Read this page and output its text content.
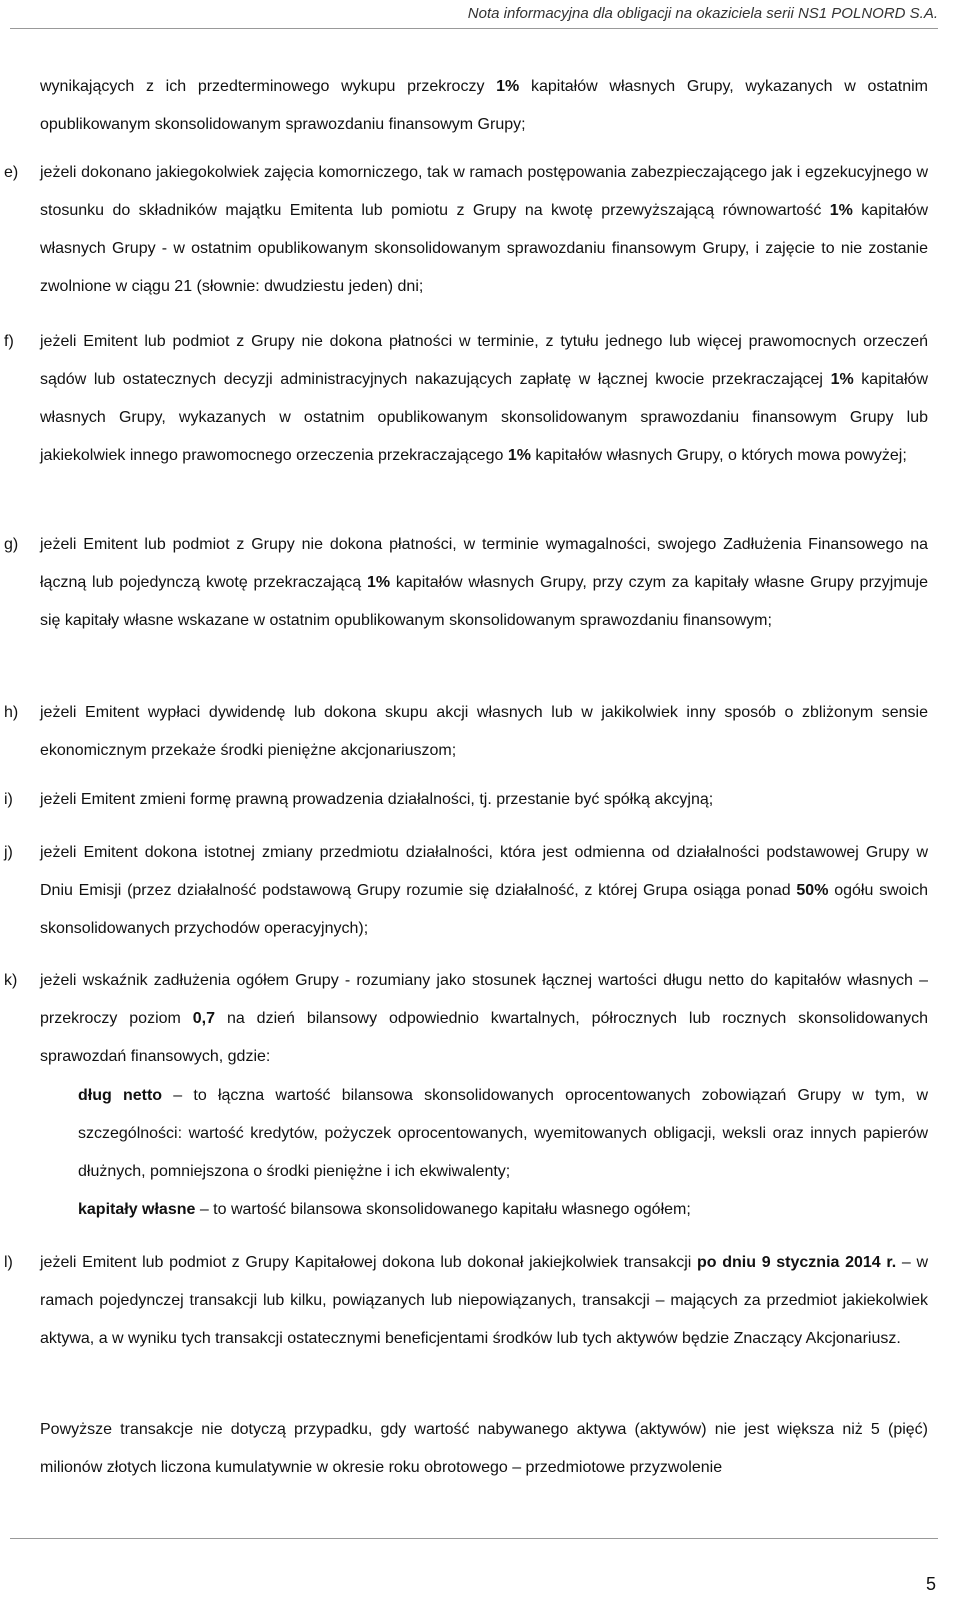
Nota informacyjna dla obligacji na okaziciela serii NS1 POLNORD S.A.
wynikających z ich przedterminowego wykupu przekroczy 1% kapitałów własnych Grupy, wykazanych w ostatnim opublikowanym skonsolidowanym sprawozdaniu finansowym Grupy;
e) jeżeli dokonano jakiegokolwiek zajęcia komorniczego, tak w ramach postępowania zabezpieczającego jak i egzekucyjnego w stosunku do składników majątku Emitenta lub pomiotu z Grupy na kwotę przewyższającą równowartość 1% kapitałów własnych Grupy - w ostatnim opublikowanym skonsolidowanym sprawozdaniu finansowym Grupy, i zajęcie to nie zostanie zwolnione w ciągu 21 (słownie: dwudziestu jeden) dni;
f) jeżeli Emitent lub podmiot z Grupy nie dokona płatności w terminie, z tytułu jednego lub więcej prawomocnych orzeczeń sądów lub ostatecznych decyzji administracyjnych nakazujących zapłatę w łącznej kwocie przekraczającej 1% kapitałów własnych Grupy, wykazanych w ostatnim opublikowanym skonsolidowanym sprawozdaniu finansowym Grupy lub jakiekolwiek innego prawomocnego orzeczenia przekraczającego 1% kapitałów własnych Grupy, o których mowa powyżej;
g) jeżeli Emitent lub podmiot z Grupy nie dokona płatności, w terminie wymagalności, swojego Zadłużenia Finansowego na łączną lub pojedynczą kwotę przekraczającą 1% kapitałów własnych Grupy, przy czym za kapitały własne Grupy przyjmuje się kapitały własne wskazane w ostatnim opublikowanym skonsolidowanym sprawozdaniu finansowym;
h) jeżeli Emitent wypłaci dywidendę lub dokona skupu akcji własnych lub w jakikolwiek inny sposób o zbliżonym sensie ekonomicznym przekaże środki pieniężne akcjonariuszom;
i) jeżeli Emitent zmieni formę prawną prowadzenia działalności, tj. przestanie być spółką akcyjną;
j) jeżeli Emitent dokona istotnej zmiany przedmiotu działalności, która jest odmienna od działalności podstawowej Grupy w Dniu Emisji (przez działalność podstawową Grupy rozumie się działalność, z której Grupa osiąga ponad 50% ogółu swoich skonsolidowanych przychodów operacyjnych);
k) jeżeli wskaźnik zadłużenia ogółem Grupy - rozumiany jako stosunek łącznej wartości długu netto do kapitałów własnych – przekroczy poziom 0,7 na dzień bilansowy odpowiednio kwartalnych, półrocznych lub rocznych skonsolidowanych sprawozdań finansowych, gdzie:
dług netto – to łączna wartość bilansowa skonsolidowanych oprocentowanych zobowiązań Grupy w tym, w szczególności: wartość kredytów, pożyczek oprocentowanych, wyemitowanych obligacji, weksli oraz innych papierów dłużnych, pomniejszona o środki pieniężne i ich ekwiwalenty;
kapitały własne – to wartość bilansowa skonsolidowanego kapitału własnego ogółem;
l) jeżeli Emitent lub podmiot z Grupy Kapitałowej dokona lub dokonał jakiejkolwiek transakcji po dniu 9 stycznia 2014 r. – w ramach pojedynczej transakcji lub kilku, powiązanych lub niepowiązanych, transakcji – mających za przedmiot jakiekolwiek aktywa, a w wyniku tych transakcji ostatecznymi beneficjentami środków lub tych aktywów będzie Znaczący Akcjonariusz.
Powyższe transakcje nie dotyczą przypadku, gdy wartość nabywanego aktywa (aktywów) nie jest większa niż 5 (pięć) milionów złotych liczona kumulatywnie w okresie roku obrotowego – przedmiotowe przyzwolenie
5
